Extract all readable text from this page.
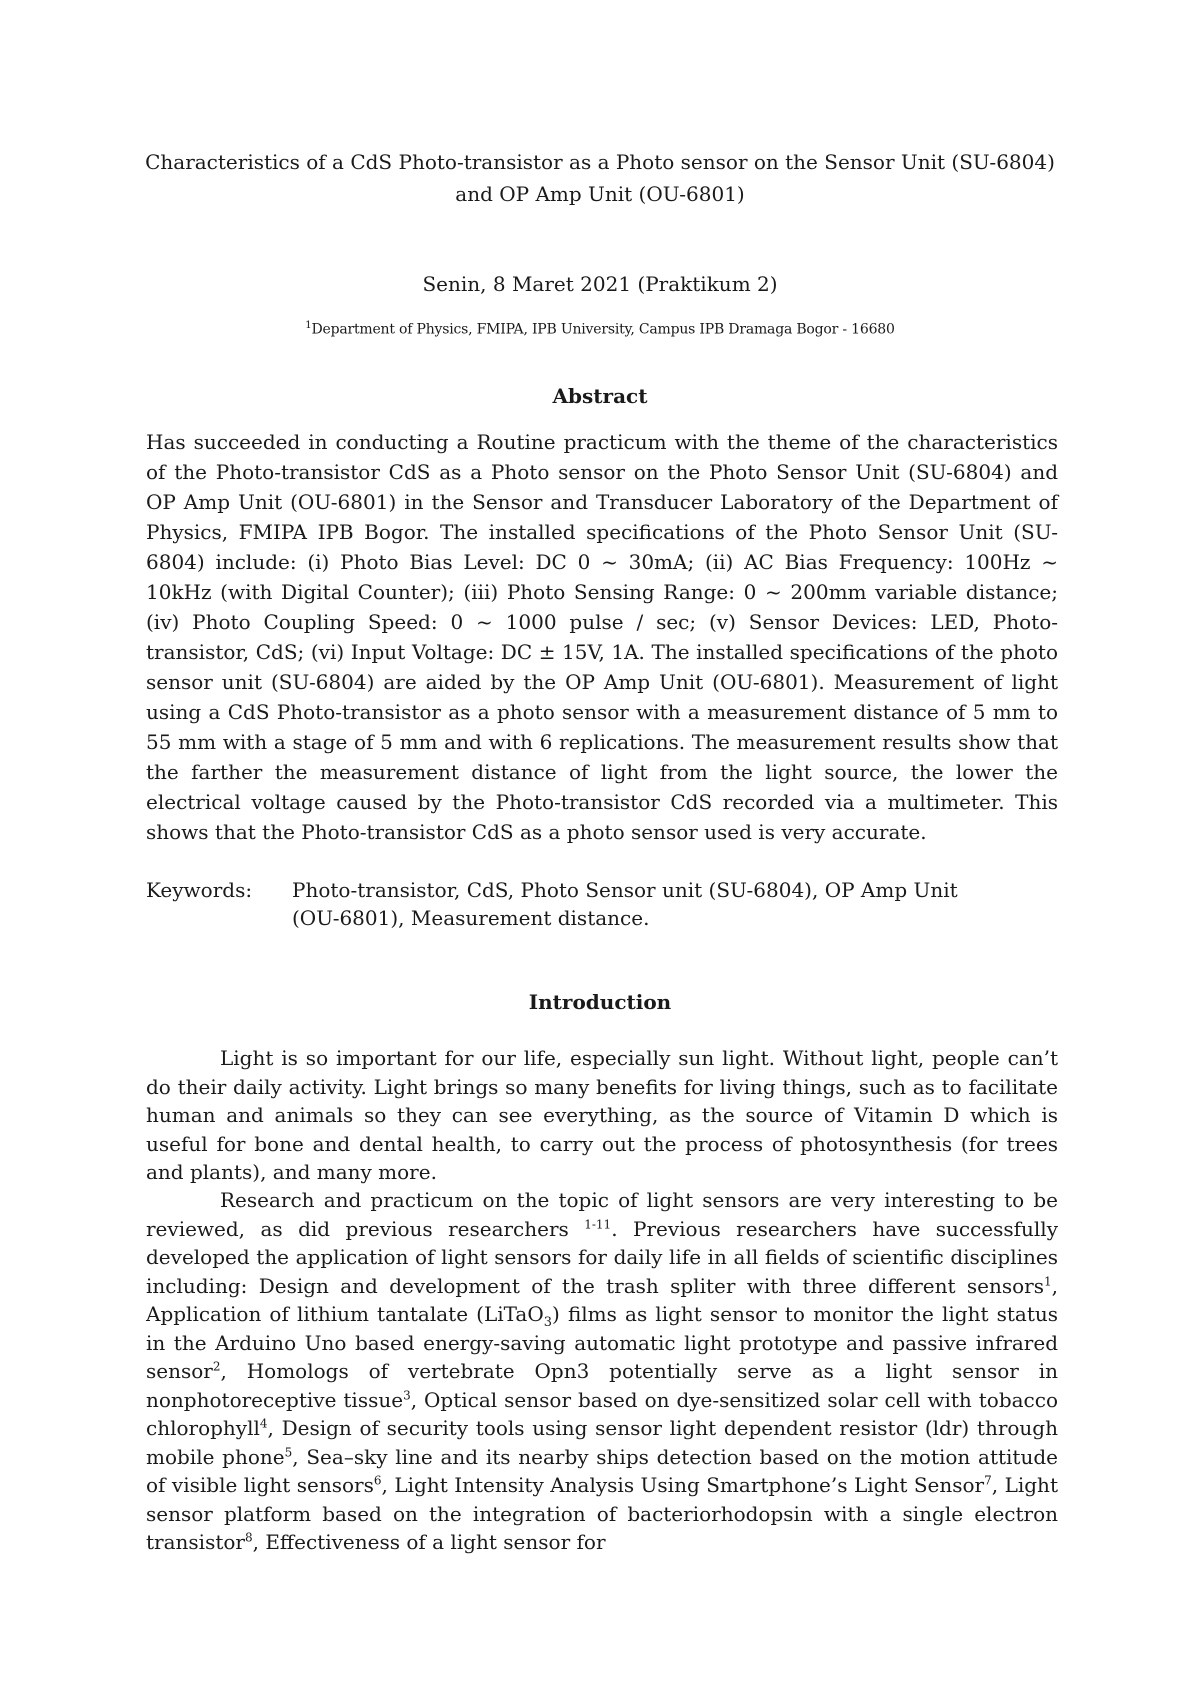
Characteristics of a CdS Photo-transistor as a Photo sensor on the Sensor Unit (SU-6804)
and OP Amp Unit (OU-6801)
Senin, 8 Maret 2021 (Praktikum 2)
$^1$Department of Physics, FMIPA, IPB University, Campus IPB Dramaga Bogor - 16680
Abstract

Has succeeded in conducting a Routine practicum with the theme of the characteristics of the Photo-transistor CdS as a Photo sensor on the Photo Sensor Unit (SU-6804) and OP Amp Unit (OU-6801) in the Sensor and Transducer Laboratory of the Department of Physics, FMIPA IPB Bogor. The installed specifications of the Photo Sensor Unit (SU-6804) include: (i) Photo Bias Level: DC 0 ~ 30mA; (ii) AC Bias Frequency: 100Hz ~ 10kHz (with Digital Counter); (iii) Photo Sensing Range: 0 ~ 200mm variable distance; (iv) Photo Coupling Speed: 0 ~ 1000 pulse / sec; (v) Sensor Devices: LED, Photo-transistor, CdS; (vi) Input Voltage: DC ± 15V, 1A. The installed specifications of the photo sensor unit (SU-6804) are aided by the OP Amp Unit (OU-6801). Measurement of light using a CdS Photo-transistor as a photo sensor with a measurement distance of 5 mm to 55 mm with a stage of 5 mm and with 6 replications. The measurement results show that the farther the measurement distance of light from the light source, the lower the electrical voltage caused by the Photo-transistor CdS recorded via a multimeter. This shows that the Photo-transistor CdS as a photo sensor used is very accurate.

Keywords: Photo-transistor, CdS, Photo Sensor unit (SU-6804), OP Amp Unit
(OU-6801), Measurement distance.
Introduction

Light is so important for our life, especially sun light. Without light, people can’t do their daily activity. Light brings so many benefits for living things, such as to facilitate human and animals so they can see everything, as the source of Vitamin D which is useful for bone and dental health, to carry out the process of photosynthesis (for trees and plants), and many more.

Research and practicum on the topic of light sensors are very interesting to be reviewed, as did previous researchers $^{1-11}$. Previous researchers have successfully developed the application of light sensors for daily life in all fields of scientific disciplines including: Design and development of the trash spliter with three different sensors$^1$, Application of lithium tantalate (LiTaO$_3$) films as light sensor to monitor the light status in the Arduino Uno based energy-saving automatic light prototype and passive infrared sensor$^2$, Homologs of vertebrate Opn3 potentially serve as a light sensor in nonphotoreceptive tissue$^3$, Optical sensor based on dye-sensitized solar cell with tobacco chlorophyll$^4$, Design of security tools using sensor light dependent resistor (ldr) through mobile phone$^5$, Sea–sky line and its nearby ships detection based on the motion attitude of visible light sensors$^6$, Light Intensity Analysis Using Smartphone’s Light Sensor$^7$, Light sensor platform based on the integration of bacteriorhodopsin with a single electron transistor$^8$, Effectiveness of a light sensor for
